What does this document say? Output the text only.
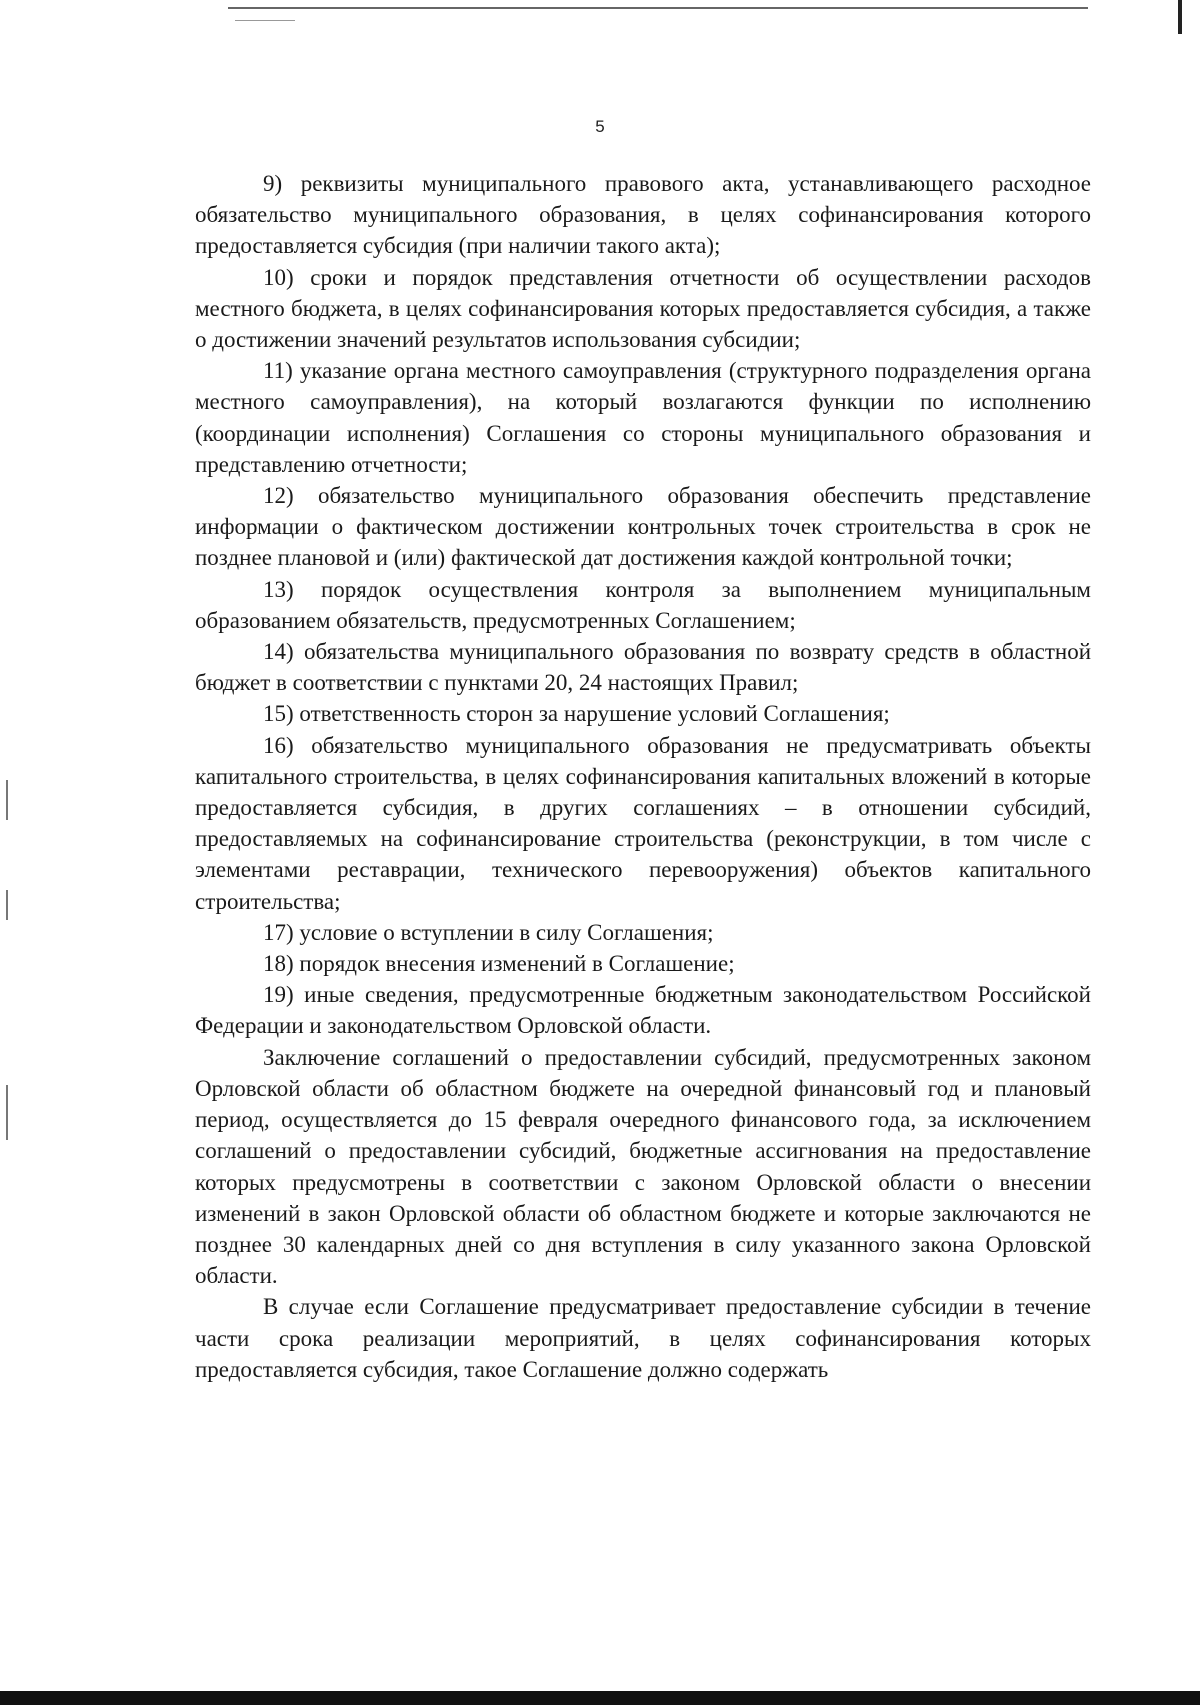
5

9) реквизиты муниципального правового акта, устанавливающего расходное обязательство муниципального образования, в целях софинансирования которого предоставляется субсидия (при наличии такого акта);

10) сроки и порядок представления отчетности об осуществлении расходов местного бюджета, в целях софинансирования которых предоставляется субсидия, а также о достижении значений результатов использования субсидии;

11) указание органа местного самоуправления (структурного подразделения органа местного самоуправления), на который возлагаются функции по исполнению (координации исполнения) Соглашения со стороны муниципального образования и представлению отчетности;

12) обязательство муниципального образования обеспечить представление информации о фактическом достижении контрольных точек строительства в срок не позднее плановой и (или) фактической дат достижения каждой контрольной точки;

13) порядок осуществления контроля за выполнением муниципальным образованием обязательств, предусмотренных Соглашением;

14) обязательства муниципального образования по возврату средств в областной бюджет в соответствии с пунктами 20, 24 настоящих Правил;

15) ответственность сторон за нарушение условий Соглашения;

16) обязательство муниципального образования не предусматривать объекты капитального строительства, в целях софинансирования капитальных вложений в которые предоставляется субсидия, в других соглашениях – в отношении субсидий, предоставляемых на софинансирование строительства (реконструкции, в том числе с элементами реставрации, технического перевооружения) объектов капитального строительства;

17) условие о вступлении в силу Соглашения;

18) порядок внесения изменений в Соглашение;

19) иные сведения, предусмотренные бюджетным законодательством Российской Федерации и законодательством Орловской области.

Заключение соглашений о предоставлении субсидий, предусмотренных законом Орловской области об областном бюджете на очередной финансовый год и плановый период, осуществляется до 15 февраля очередного финансового года, за исключением соглашений о предоставлении субсидий, бюджетные ассигнования на предоставление которых предусмотрены в соответствии с законом Орловской области о внесении изменений в закон Орловской области об областном бюджете и которые заключаются не позднее 30 календарных дней со дня вступления в силу указанного закона Орловской области.

В случае если Соглашение предусматривает предоставление субсидии в течение части срока реализации мероприятий, в целях софинансирования которых предоставляется субсидия, такое Соглашение должно содержать
